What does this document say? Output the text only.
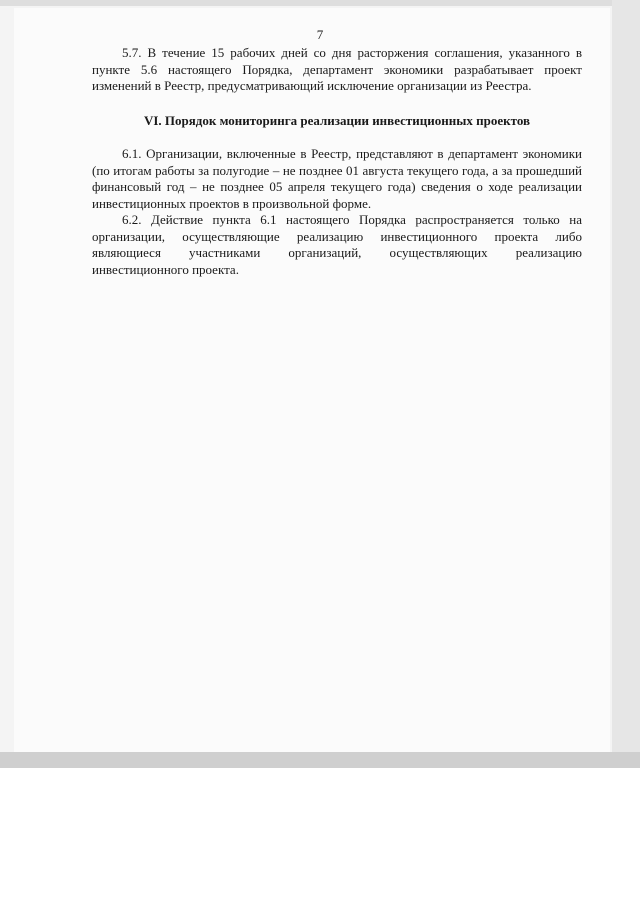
7

5.7. В течение 15 рабочих дней со дня расторжения соглашения, указанного в пункте 5.6 настоящего Порядка, департамент экономики разрабатывает проект изменений в Реестр, предусматривающий исключение организации из Реестра.

VI. Порядок мониторинга реализации инвестиционных проектов

6.1. Организации, включенные в Реестр, представляют в департамент экономики (по итогам работы за полугодие – не позднее 01 августа текущего года, а за прошедший финансовый год – не позднее 05 апреля текущего года) сведения о ходе реализации инвестиционных проектов в произвольной форме.

6.2. Действие пункта 6.1 настоящего Порядка распространяется только на организации, осуществляющие реализацию инвестиционного проекта либо являющиеся участниками организаций, осуществляющих реализацию инвестиционного проекта.
